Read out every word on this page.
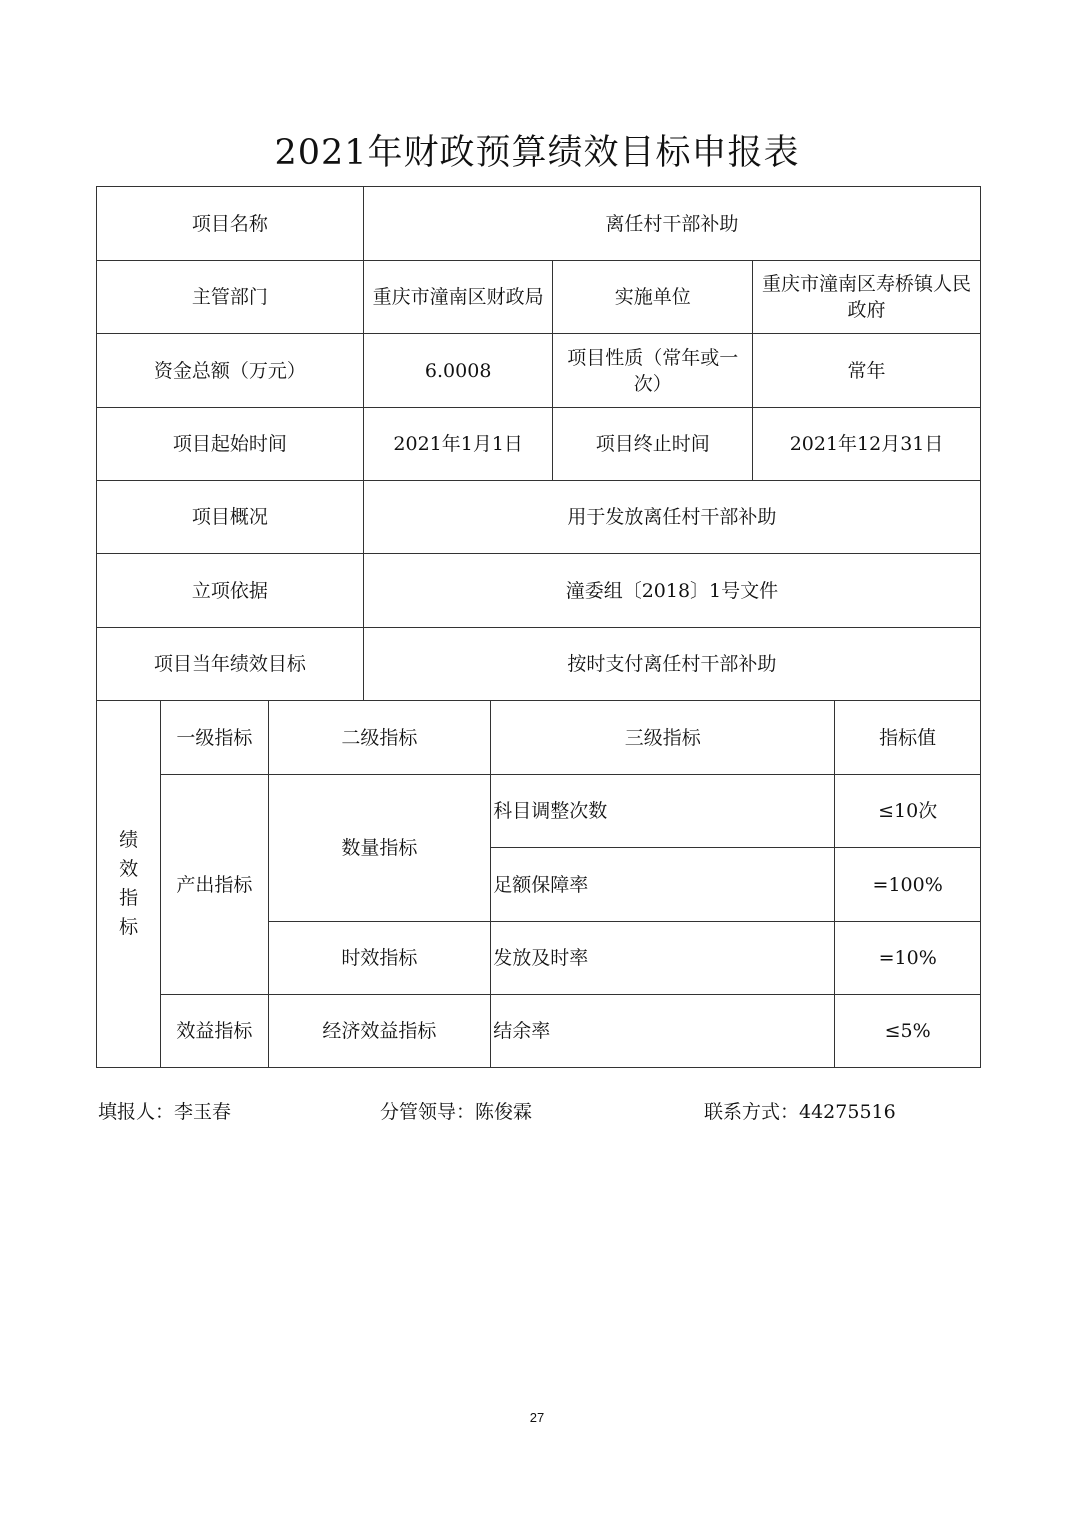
2021年财政预算绩效目标申报表
项目名称			离任村干部补助				
主管部门			重庆市潼南区财政局		实施单位	重庆市潼南区寿桥镇人民政府	
资金总额（万元）			6.0008		项目性质（常年或一次）	常年	
项目起始时间			2021年1月1日		项目终止时间	2021年12月31日	
项目概况			用于发放离任村干部补助				
立项依据			潼委组〔2018〕1号文件				
项目当年绩效目标			按时支付离任村干部补助				

绩
效
指
标	一级指标	二级指标		三级指标			指标值
	产出指标	数量指标		科目调整次数			≤10次
				足额保障率			=100%
		时效指标		发放及时率			=10%
	效益指标	经济效益指标		结余率			≤5%
填报人：李玉春	分管领导：陈俊霖	联系方式：44275516
27
